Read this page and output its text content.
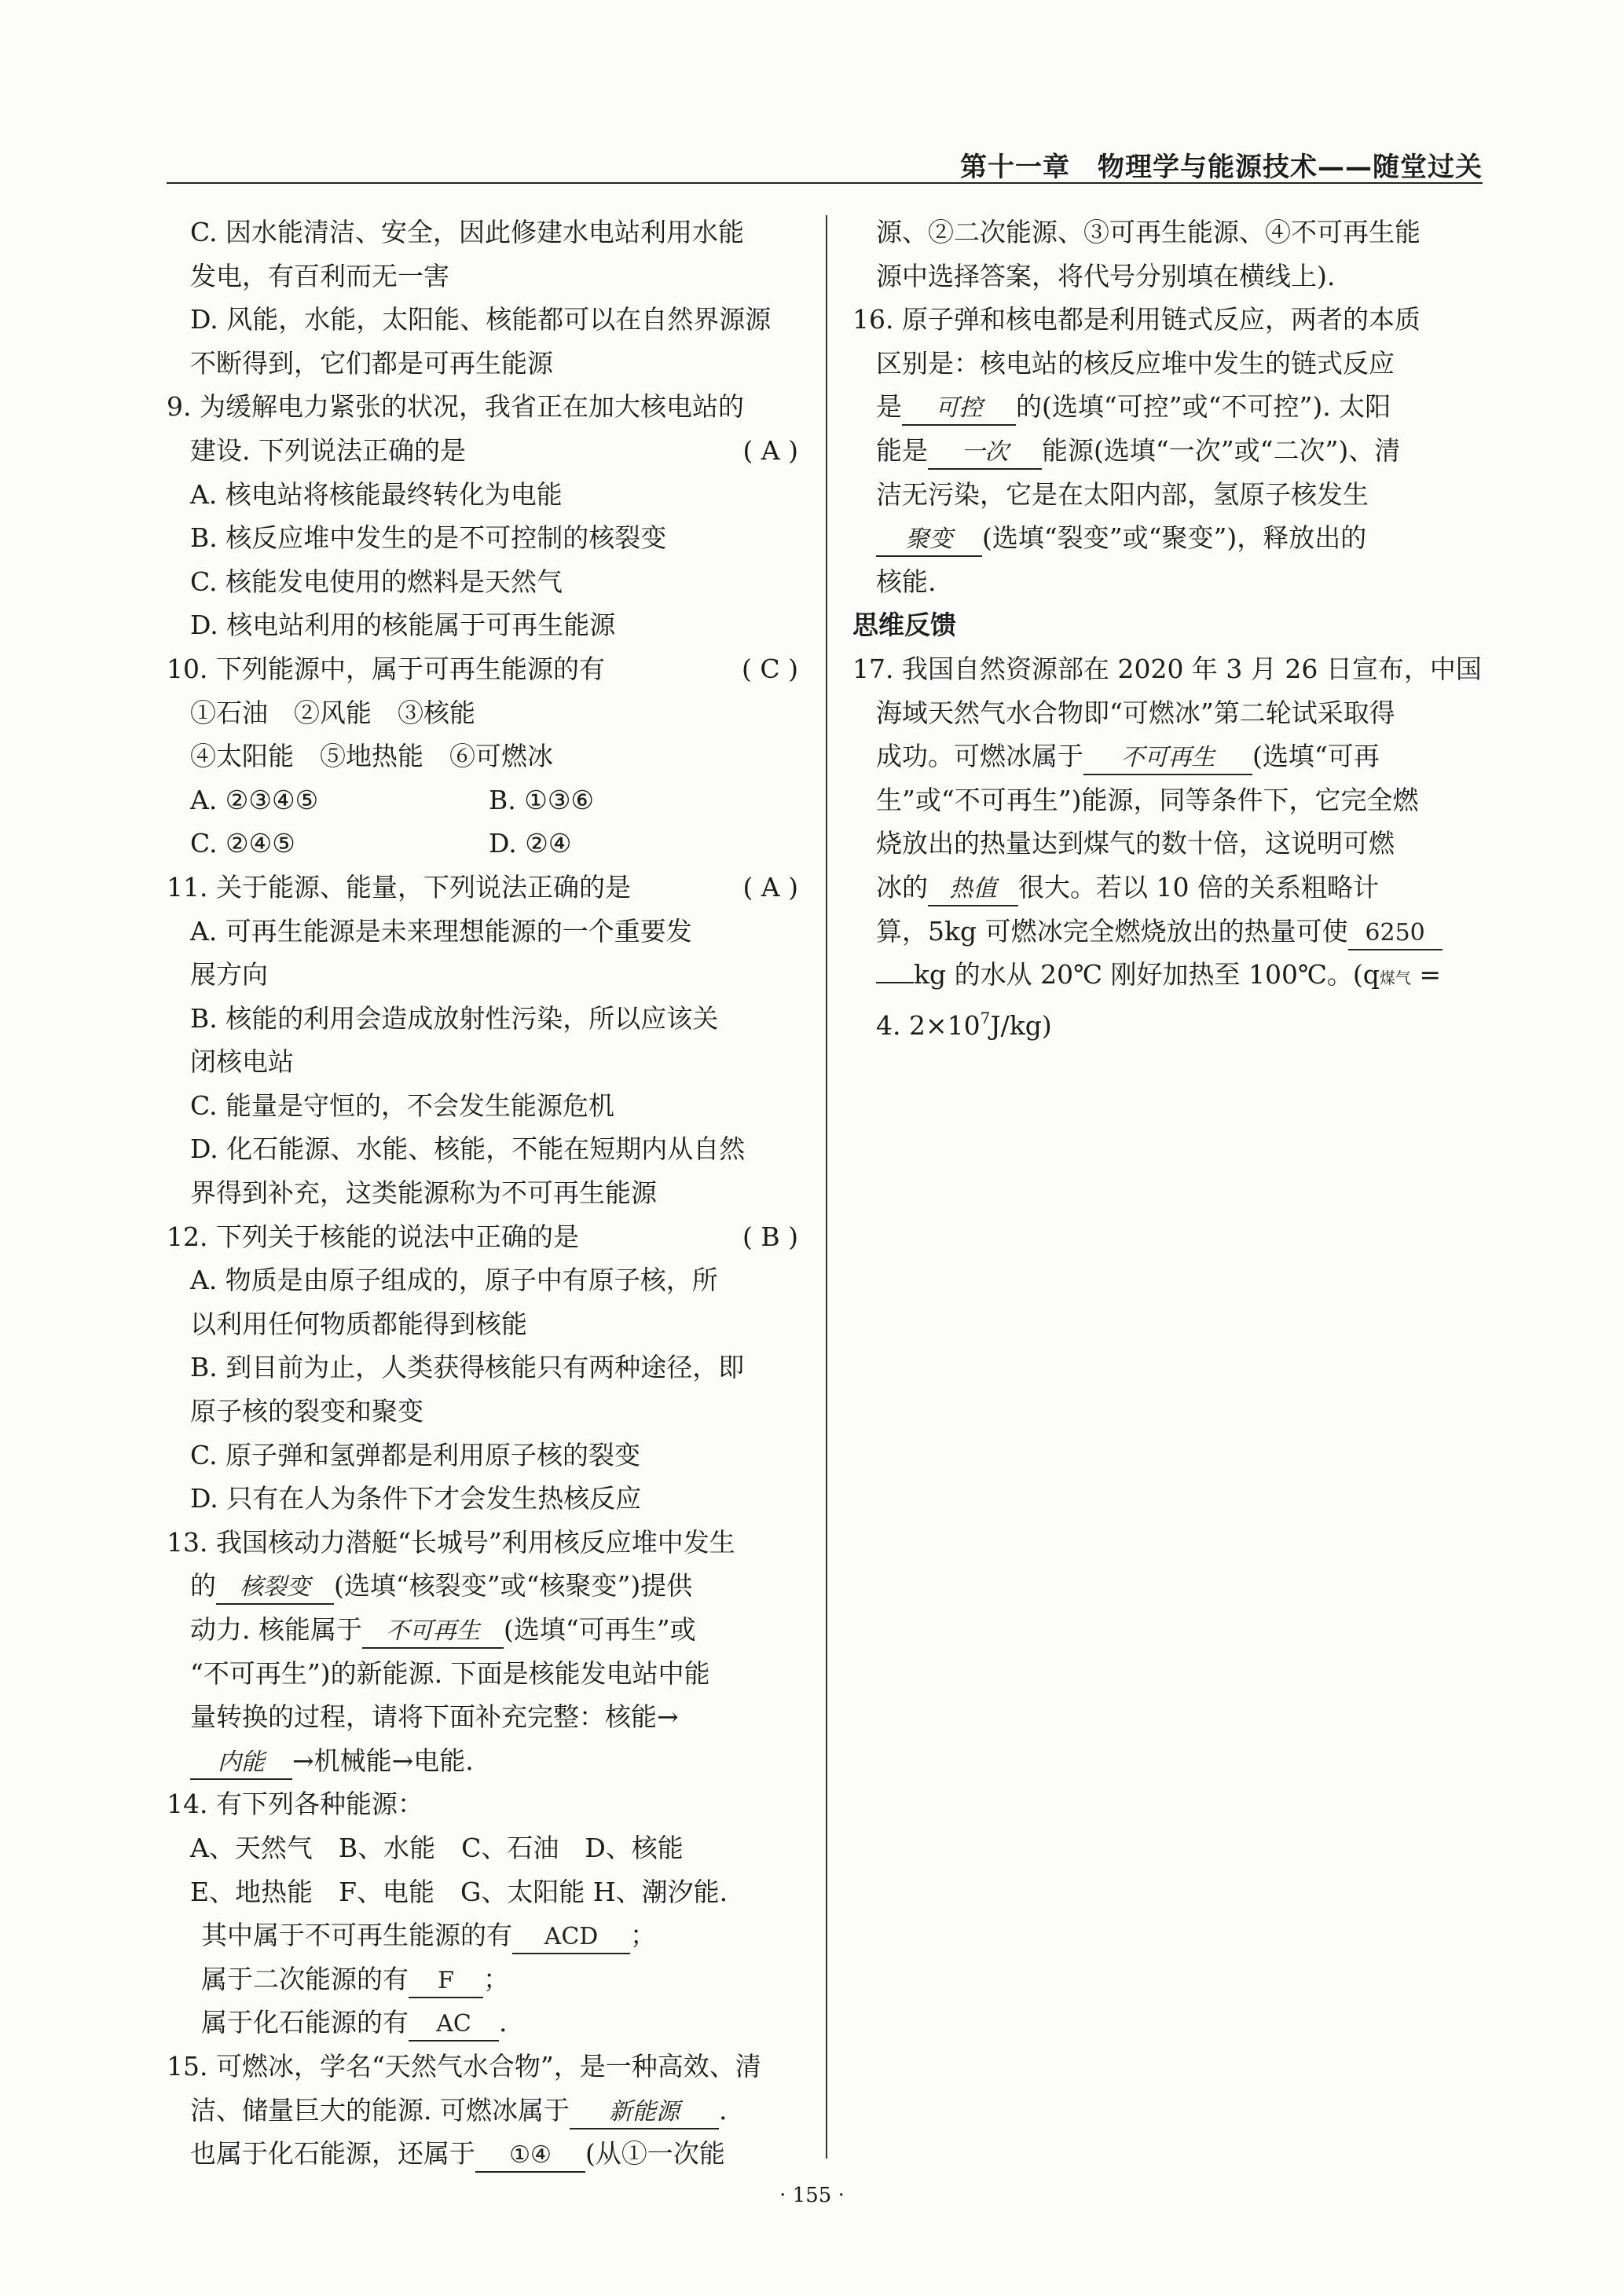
第十一章　物理学与能源技术——随堂过关
C. 因水能清洁、安全，因此修建水电站利用水能
发电，有百利而无一害
D. 风能，水能，太阳能、核能都可以在自然界源源
不断得到，它们都是可再生能源
9. 为缓解电力紧张的状况，我省正在加大核电站的
建设. 下列说法正确的是	( A )
A. 核电站将核能最终转化为电能
B. 核反应堆中发生的是不可控制的核裂变
C. 核能发电使用的燃料是天然气
D. 核电站利用的核能属于可再生能源
10. 下列能源中，属于可再生能源的有	( C )
①石油　②风能　③核能
④太阳能　⑤地热能　⑥可燃冰
A. ②③④⑤	B. ①③⑥
C. ②④⑤	D. ②④
11. 关于能源、能量，下列说法正确的是	( A )
A. 可再生能源是未来理想能源的一个重要发
展方向
B. 核能的利用会造成放射性污染，所以应该关
闭核电站
C. 能量是守恒的，不会发生能源危机
D. 化石能源、水能、核能，不能在短期内从自然
界得到补充，这类能源称为不可再生能源
12. 下列关于核能的说法中正确的是	( B )
A. 物质是由原子组成的，原子中有原子核，所
以利用任何物质都能得到核能
B. 到目前为止，人类获得核能只有两种途径，即
原子核的裂变和聚变
C. 原子弹和氢弹都是利用原子核的裂变
D. 只有在人为条件下才会发生热核反应
13. 我国核动力潜艇“长城号”利用核反应堆中发生
的 核裂变 (选填“核裂变”或“核聚变”)提供
动力. 核能属于 不可再生 (选填“可再生”或
“不可再生”)的新能源. 下面是核能发电站中能
量转换的过程，请将下面补充完整：核能→
内能 →机械能→电能.
14. 有下列各种能源：
A、天然气　B、水能　C、石油　D、核能
E、地热能　F、电能　G、太阳能 H、潮汐能.
其中属于不可再生能源的有 ACD ；
属于二次能源的有 F ；
属于化石能源的有 AC .
15. 可燃冰，学名“天然气水合物”，是一种高效、清
洁、储量巨大的能源. 可燃冰属于 新能源 .
也属于化石能源，还属于 ①④ (从①一次能
源、②二次能源、③可再生能源、④不可再生能
源中选择答案，将代号分别填在横线上).
16. 原子弹和核电都是利用链式反应，两者的本质
区别是：核电站的核反应堆中发生的链式反应
是 可控 的(选填“可控”或“不可控”). 太阳
能是 一次 能源(选填“一次”或“二次”)、清
洁无污染，它是在太阳内部，氢原子核发生
聚变 (选填“裂变”或“聚变”)，释放出的
核能.
思维反馈
17. 我国自然资源部在 2020 年 3 月 26 日宣布，中国
海域天然气水合物即“可燃冰”第二轮试采取得
成功。可燃冰属于 不可再生 (选填“可再
生”或“不可再生”)能源，同等条件下，它完全燃
烧放出的热量达到煤气的数十倍，这说明可燃
冰的 热值 很大。若以 10 倍的关系粗略计
算，5kg 可燃冰完全燃烧放出的热量可使 6250
kg 的水从 20℃ 刚好加热至 100℃。(q煤气 =
4. $2\times 10^7J/kg$)
· 155 ·
